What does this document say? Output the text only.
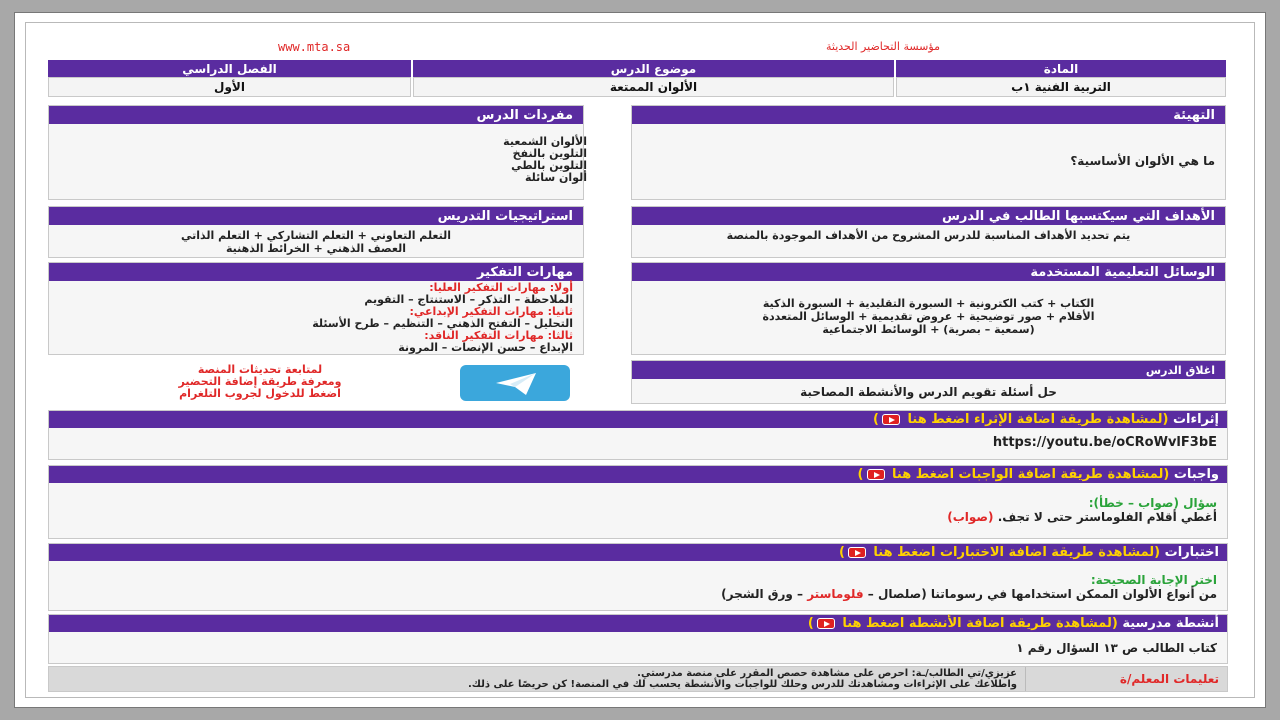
www.mta.sa	مؤسسة التحاضير الحديثة
المادة
موضوع الدرس
الفصل الدراسي
التربية الفنية ١ب
الألوان الممتعة
الأول
التهيئة
ما هي الألوان الأساسية؟
مفردات الدرس
الألوان الشمعية
التلوين بالنفخ
التلوين بالطي
ألوان سائلة
الأهداف التي سيكتسبها الطالب في الدرس
يتم تحديد الأهداف المناسبة للدرس المشروح من الأهداف الموجودة بالمنصة
استراتيجيات التدريس
التعلم التعاوني + التعلم التشاركي + التعلم الذاتي
العصف الذهني + الخرائط الذهنية
الوسائل التعليمية المستخدمة
الكتاب + كتب الكترونية + السبورة التقليدية + السبورة الذكية
الأقلام + صور توضيحية + عروض تقديمية + الوسائل المتعددة
(سمعية – بصرية) + الوسائط الاجتماعية
مهارات التفكير
أولا: مهارات التفكير العليا:
الملاحظة – التذكر – الاستنتاج – التقويم
ثانيا: مهارات التفكير الإبداعي:
التحليل – التفتح الذهني – التنظيم – طرح الأسئلة
ثالثا: مهارات التفكير الناقد:
الإبداع – حسن الإنصات – المرونة
لمتابعة تحديثات المنصة
ومعرفة طريقة إضافة التحضير
اضغط للدخول لجروب التلغرام
اغلاق الدرس
حل أسئلة تقويم الدرس والأنشطة المصاحبة
إثراءات

(لمشاهدة طريقة اضافة الإثراء اضغط هنا )
https://youtu.be/oCRoWvlF3bE
واجبات

(لمشاهدة طريقة اضافة الواجبات اضغط هنا )
سؤال (صواب – خطأ):
أغطي أقلام الفلوماستر حتى لا تجف. (صواب)
اختبارات

(لمشاهدة طريقة اضافة الاختبارات اضغط هنا )
اختر الإجابة الصحيحة:
من أنواع الألوان الممكن استخدامها في رسوماتنا (صلصال – فلوماستر – ورق الشجر)
أنشطة مدرسية

(لمشاهدة طريقة اضافة الأنشطة اضغط هنا )
كتاب الطالب ص ١٣ السؤال رقم ١
تعليمات المعلم/ة
عزيزي/تي الطالب/ـة: احرص على مشاهدة حصص المقرر على منصة مدرستي.
واطلاعك على الإثراءات ومشاهدتك للدرس وحلك للواجبات والأنشطة يحسب لك في المنصة! كن حريصًا على ذلك.
